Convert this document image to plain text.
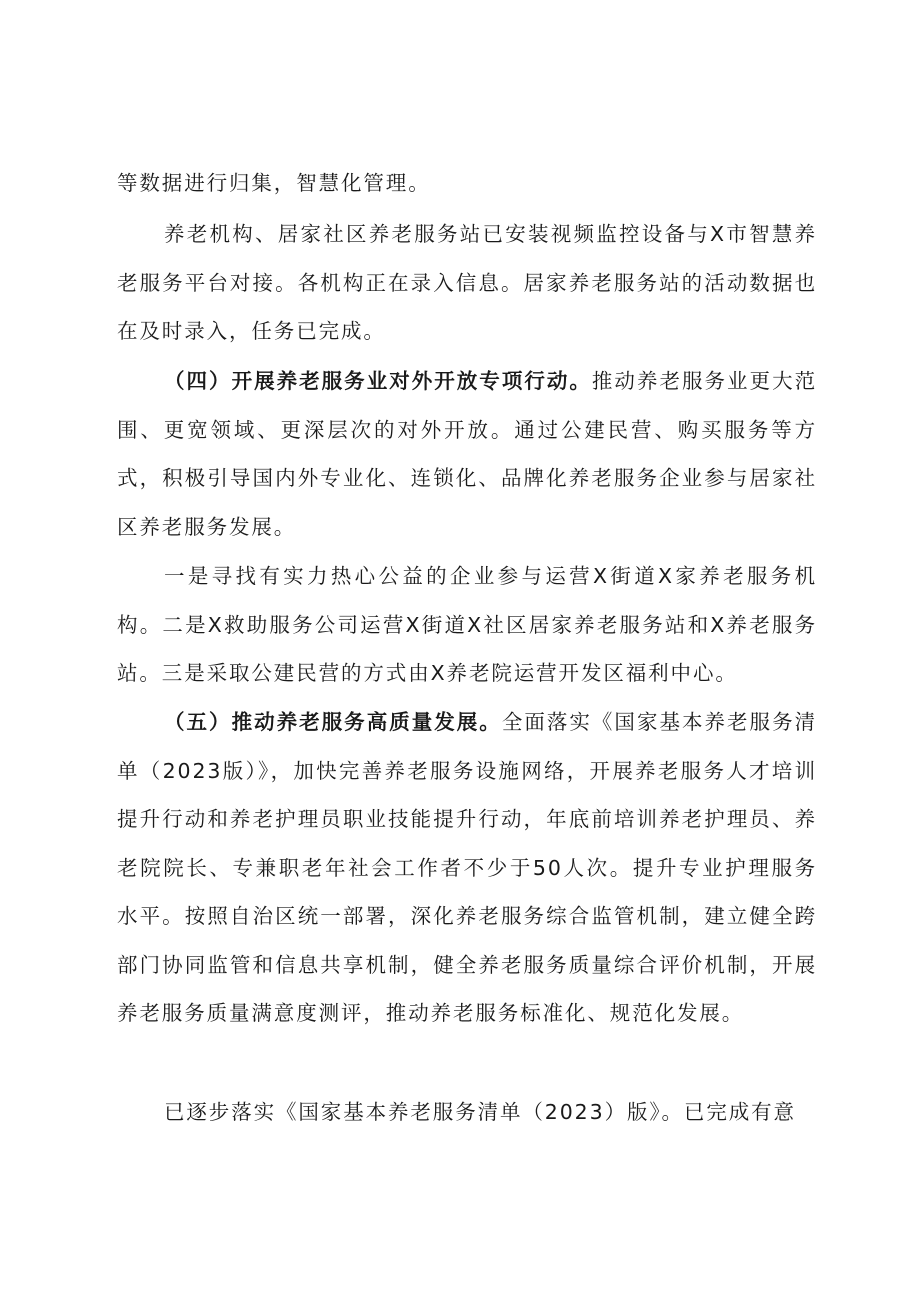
等数据进行归集，智慧化管理。

养老机构、居家社区养老服务站已安装视频监控设备与X市智慧养老服务平台对接。各机构正在录入信息。居家养老服务站的活动数据也在及时录入，任务已完成。

（四）开展养老服务业对外开放专项行动。推动养老服务业更大范围、更宽领域、更深层次的对外开放。通过公建民营、购买服务等方式，积极引导国内外专业化、连锁化、品牌化养老服务企业参与居家社区养老服务发展。

一是寻找有实力热心公益的企业参与运营X街道X家养老服务机构。二是X救助服务公司运营X街道X社区居家养老服务站和X养老服务站。三是采取公建民营的方式由X养老院运营开发区福利中心。

（五）推动养老服务高质量发展。全面落实《国家基本养老服务清单（2023版）》，加快完善养老服务设施网络，开展养老服务人才培训提升行动和养老护理员职业技能提升行动，年底前培训养老护理员、养老院院长、专兼职老年社会工作者不少于50人次。提升专业护理服务水平。按照自治区统一部署，深化养老服务综合监管机制，建立健全跨部门协同监管和信息共享机制，健全养老服务质量综合评价机制，开展养老服务质量满意度测评，推动养老服务标准化、规范化发展。

已逐步落实《国家基本养老服务清单（2023）版》。已完成有意
